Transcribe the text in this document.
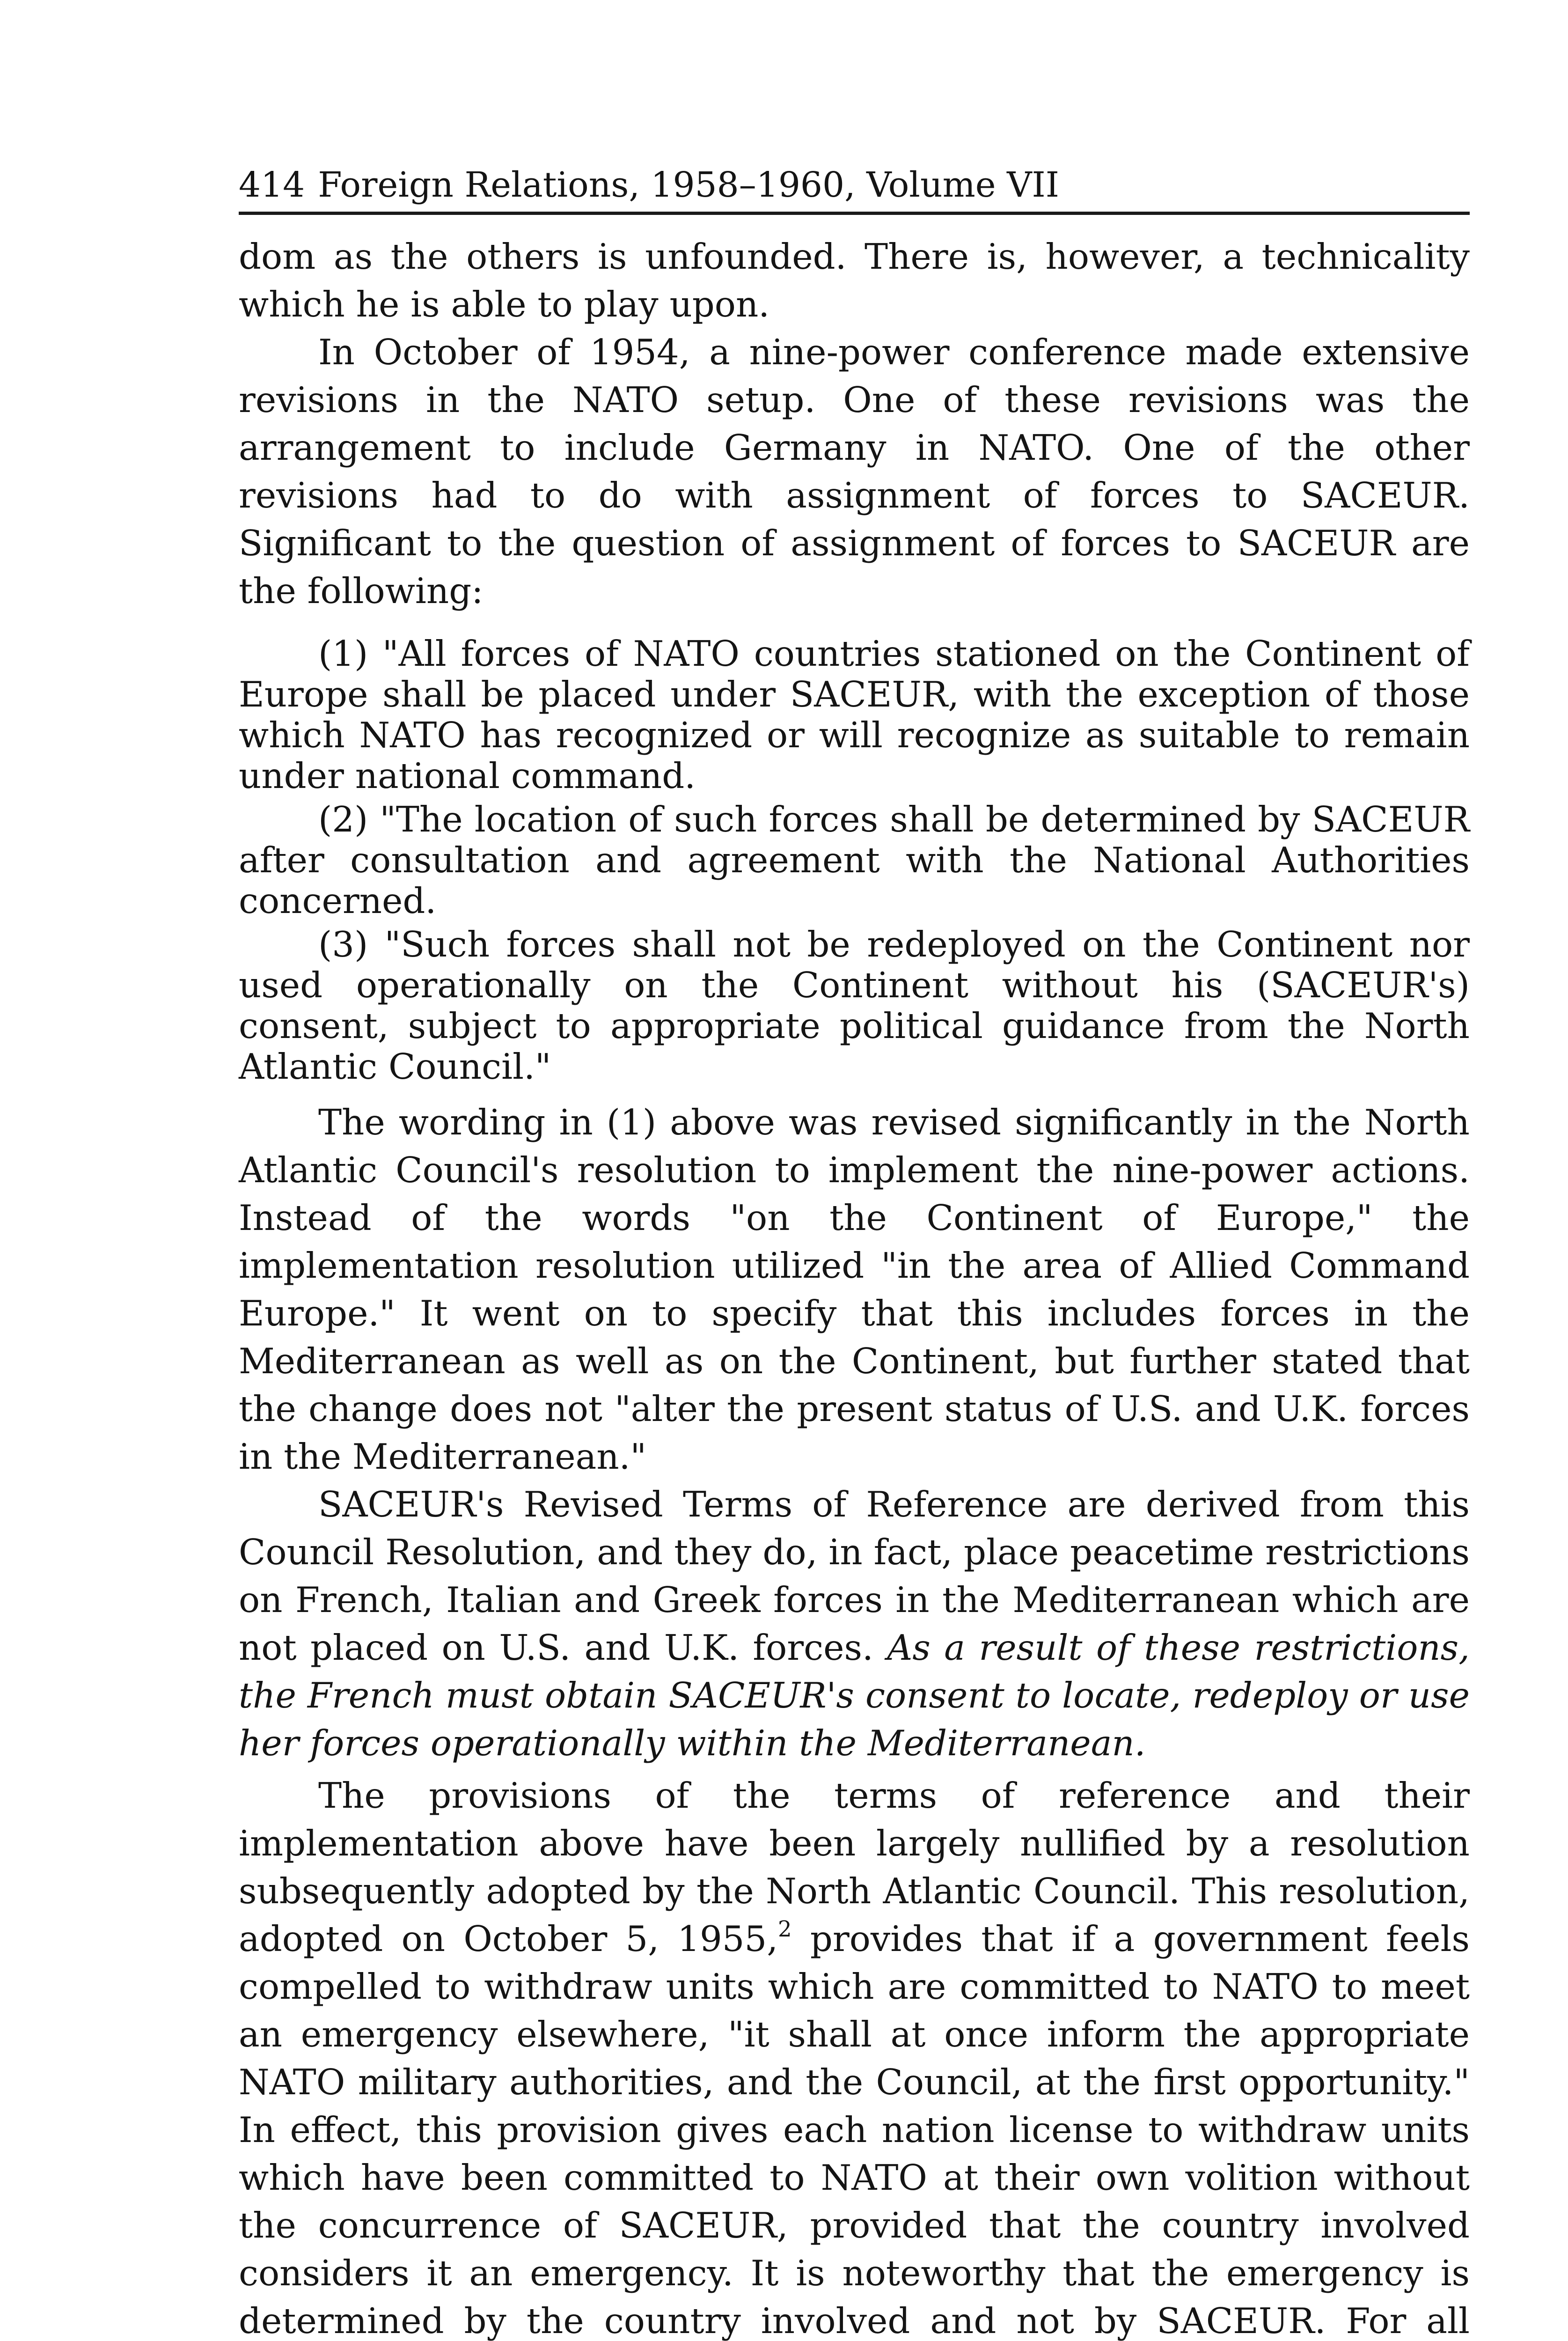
414 Foreign Relations, 1958–1960, Volume VII

dom as the others is unfounded. There is, however, a technicality which he is able to play upon.

In October of 1954, a nine-power conference made extensive revisions in the NATO setup. One of these revisions was the arrangement to include Germany in NATO. One of the other revisions had to do with assignment of forces to SACEUR. Significant to the question of assignment of forces to SACEUR are the following:

(1) "All forces of NATO countries stationed on the Continent of Europe shall be placed under SACEUR, with the exception of those which NATO has recognized or will recognize as suitable to remain under national command.

(2) "The location of such forces shall be determined by SACEUR after consultation and agreement with the National Authorities concerned.

(3) "Such forces shall not be redeployed on the Continent nor used operationally on the Continent without his (SACEUR's) consent, subject to appropriate political guidance from the North Atlantic Council."

The wording in (1) above was revised significantly in the North Atlantic Council's resolution to implement the nine-power actions. Instead of the words "on the Continent of Europe," the implementation resolution utilized "in the area of Allied Command Europe." It went on to specify that this includes forces in the Mediterranean as well as on the Continent, but further stated that the change does not "alter the present status of U.S. and U.K. forces in the Mediterranean."

SACEUR's Revised Terms of Reference are derived from this Council Resolution, and they do, in fact, place peacetime restrictions on French, Italian and Greek forces in the Mediterranean which are not placed on U.S. and U.K. forces. As a result of these restrictions, the French must obtain SACEUR's consent to locate, redeploy or use her forces operationally within the Mediterranean.

The provisions of the terms of reference and their implementation above have been largely nullified by a resolution subsequently adopted by the North Atlantic Council. This resolution, adopted on October 5, 1955,$^2$ provides that if a government feels compelled to withdraw units which are committed to NATO to meet an emergency elsewhere, "it shall at once inform the appropriate NATO military authorities, and the Council, at the first opportunity." In effect, this provision gives each nation license to withdraw units which have been committed to NATO at their own volition without the concurrence of SACEUR, provided that the country involved considers it an emergency. It is noteworthy that the emergency is determined by the country involved and not by SACEUR. For all
